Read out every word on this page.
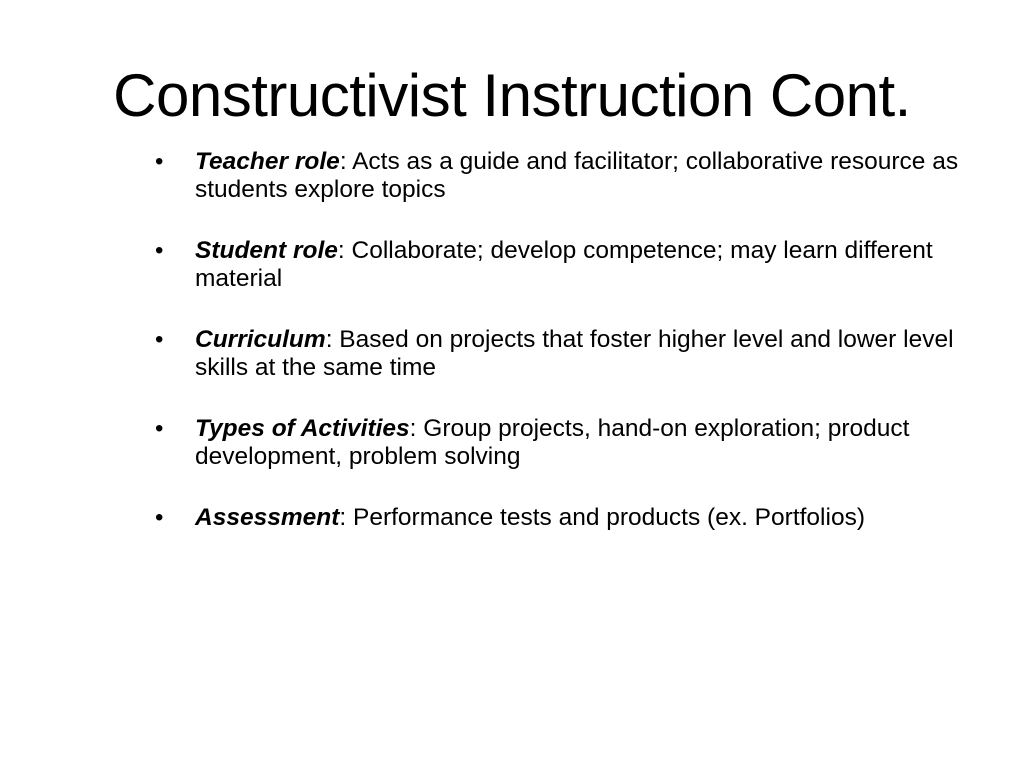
Constructivist Instruction Cont.
•	Teacher role: Acts as a guide and facilitator; collaborative resource as students explore topics
•	Student role: Collaborate; develop competence; may learn different material
•	Curriculum: Based on projects that foster higher level and lower level skills at the same time
•	Types of Activities: Group projects, hand-on exploration; product development, problem solving
•	Assessment: Performance tests and products (ex. Portfolios)
